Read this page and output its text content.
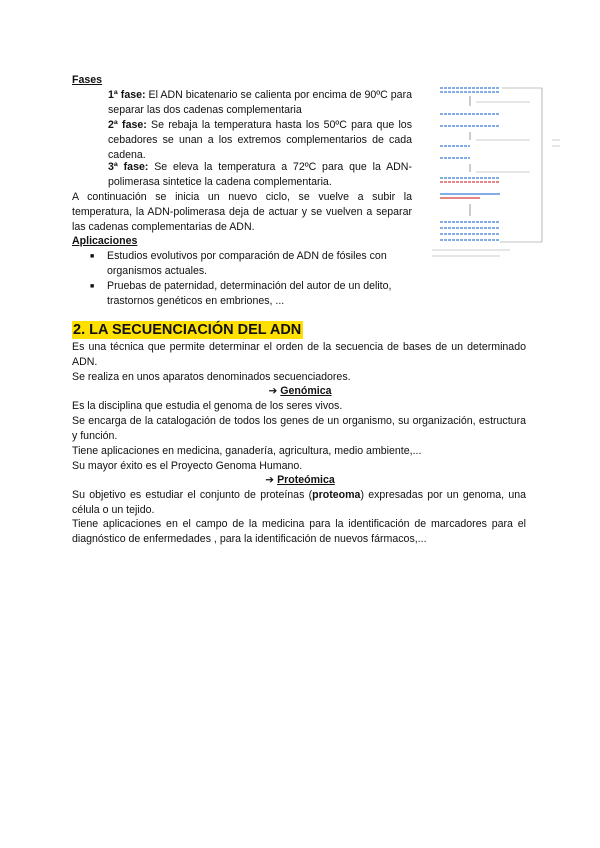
Fases
1ª fase: El ADN bicatenario se calienta por encima de 90ºC para separar las dos cadenas complementaria
2ª fase: Se rebaja la temperatura hasta los 50ºC para que los cebadores se unan a los extremos complementarios de cada cadena.
3ª fase: Se eleva la temperatura a 72ºC para que la ADN-polimerasa sintetice la cadena complementaria.
A continuación se inicia un nuevo ciclo, se vuelve a subir la temperatura, la ADN-polimerasa deja de actuar y se vuelven a separar las cadenas complementarias de ADN.
Aplicaciones
■	Estudios evolutivos por comparación de ADN de fósiles con organismos actuales.
■	Pruebas de paternidad, determinación del autor de un delito, trastornos genéticos en embriones, ...
2. LA SECUENCIACIÓN DEL ADN
Es una técnica que permite determinar el orden de la secuencia de bases de un determinado ADN.
Se realiza en unos aparatos denominados secuenciadores.
➔ Genómica
Es la disciplina que estudia el genoma de los seres vivos.
Se encarga de la catalogación de todos los genes de un organismo, su organización, estructura y función.
Tiene aplicaciones en medicina, ganadería, agricultura, medio ambiente,...
Su mayor éxito es el Proyecto Genoma Humano.
➔ Proteómica
Su objetivo es estudiar el conjunto de proteínas (proteoma) expresadas por un genoma, una célula o un tejido.
Tiene aplicaciones en el campo de la medicina para la identificación de marcadores para el diagnóstico de enfermedades , para la identificación de nuevos fármacos,...
